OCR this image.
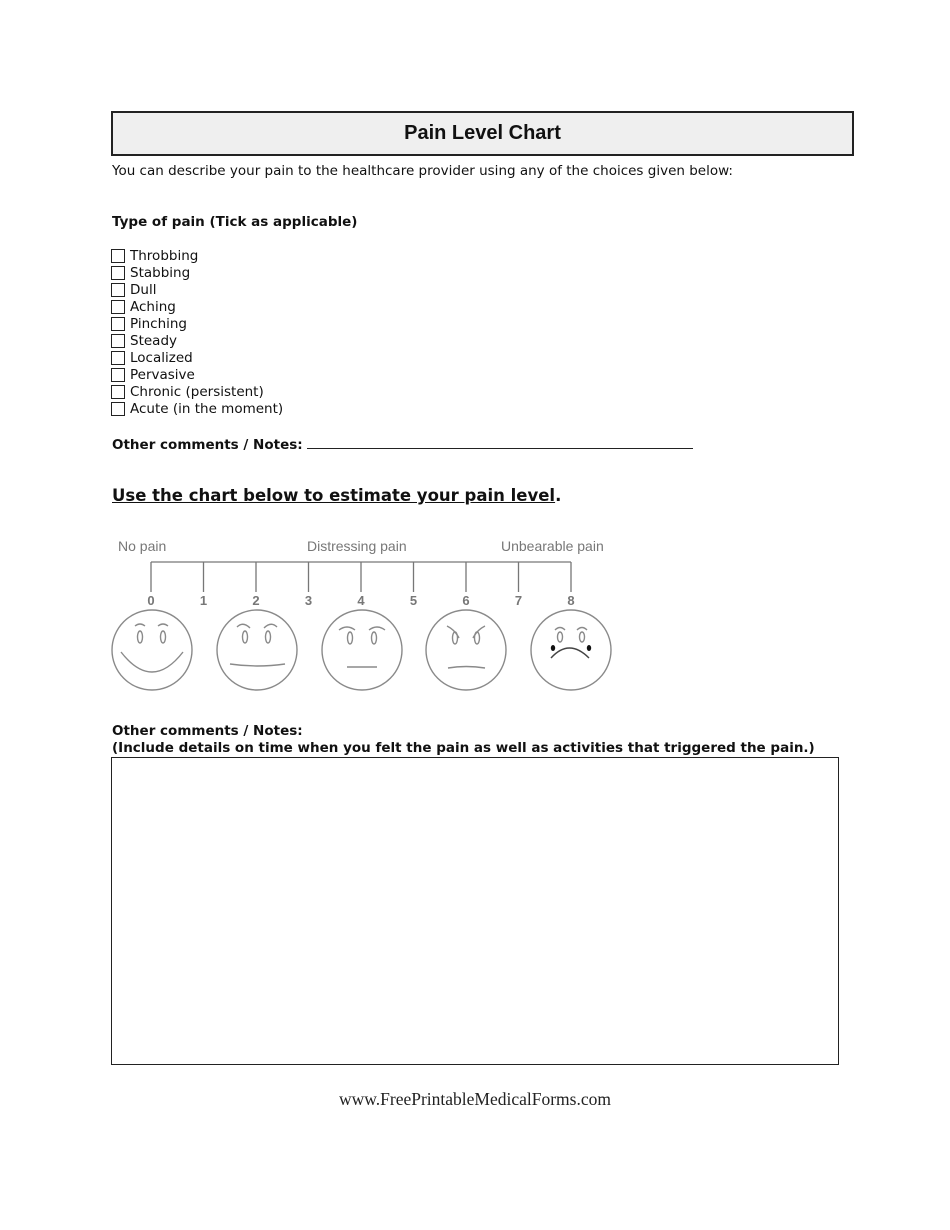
Pain Level Chart
You can describe your pain to the healthcare provider using any of the choices given below:
Type of pain (Tick as applicable)
Throbbing
Stabbing
Dull
Aching
Pinching
Steady
Localized
Pervasive
Chronic (persistent)
Acute (in the moment)
Other comments / Notes:
Use the chart below to estimate your pain level.
No pain	Distressing pain	Unbearable pain
0	1	2	3	4	5	6	7	8
Other comments / Notes:
(Include details on time when you felt the pain as well as activities that triggered the pain.)
www.FreePrintableMedicalForms.com
